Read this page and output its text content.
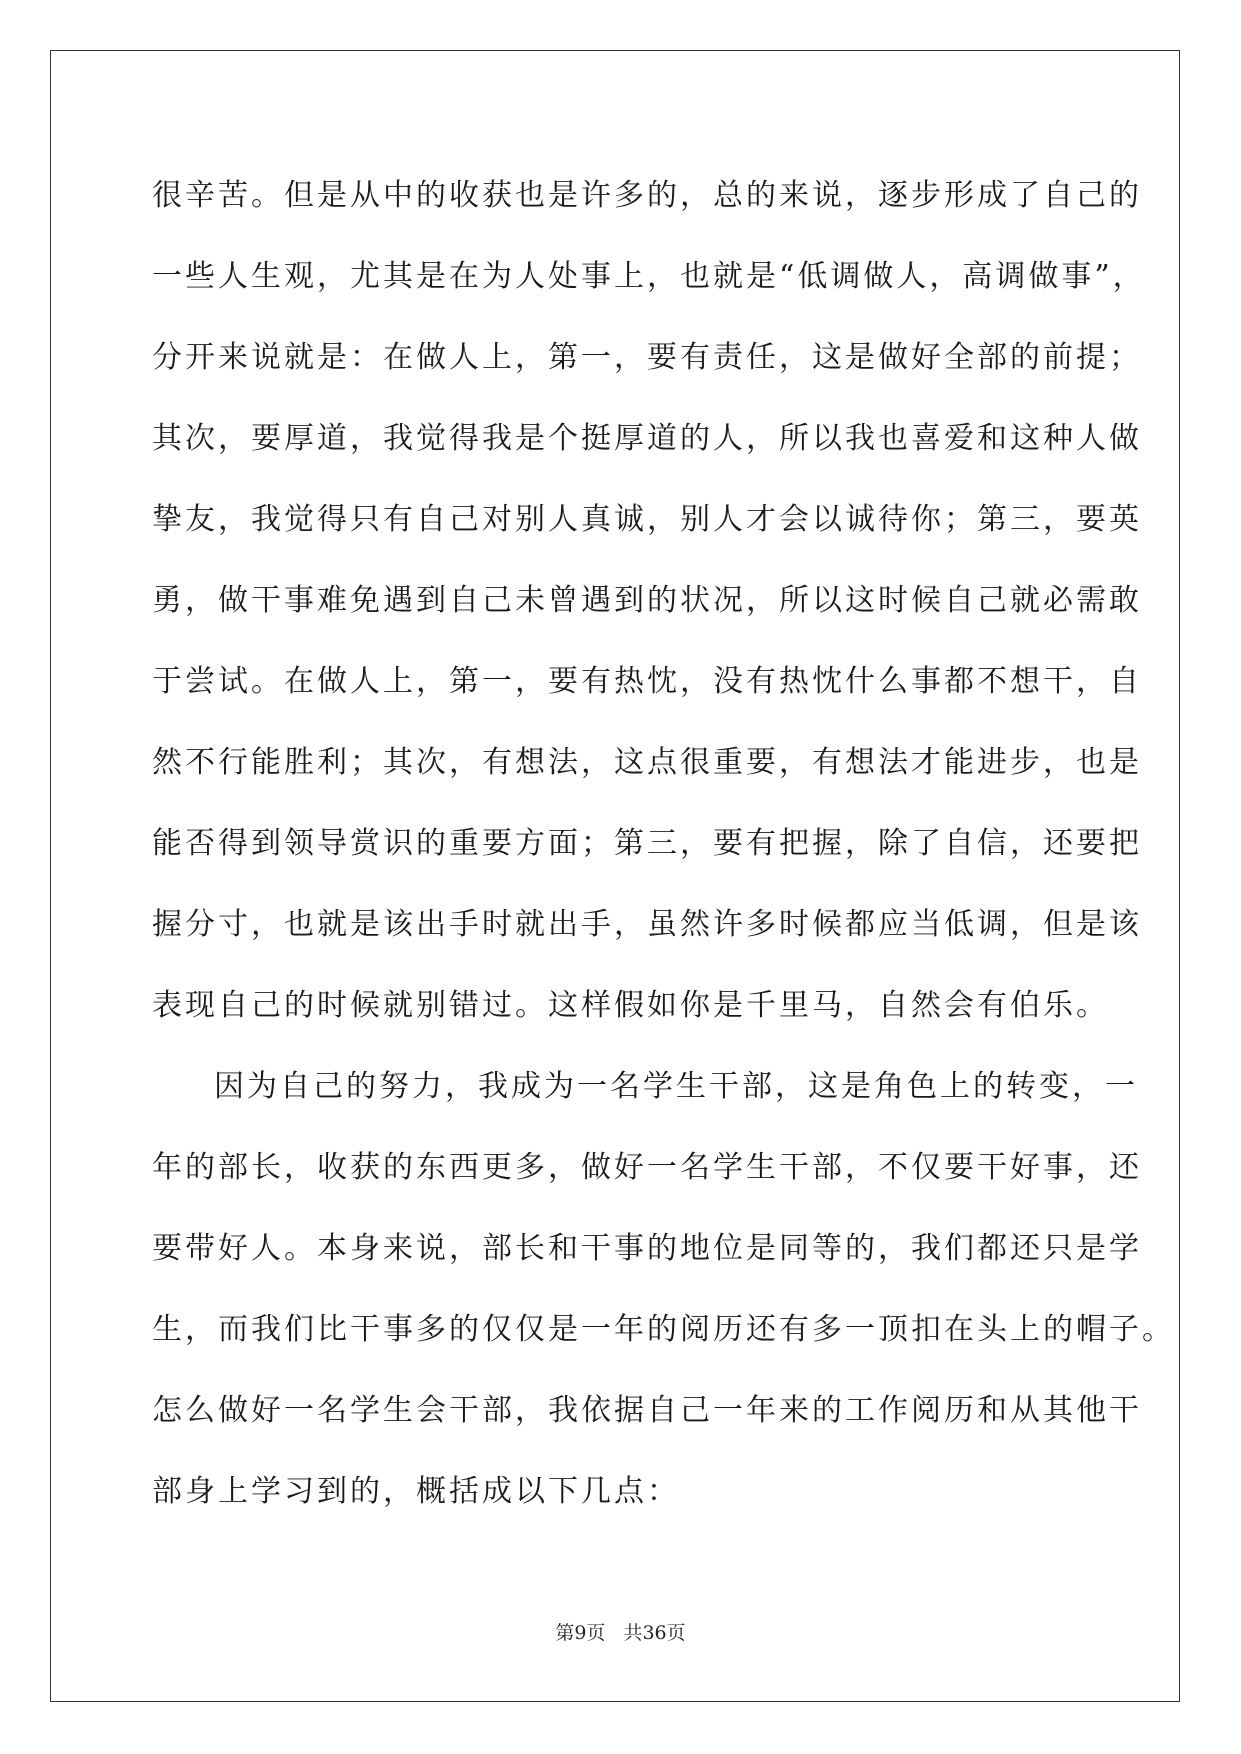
很辛苦。但是从中的收获也是许多的，总的来说，逐步形成了自己的
一些人生观，尤其是在为人处事上，也就是“低调做人，高调做事”，
分开来说就是：在做人上，第一，要有责任，这是做好全部的前提；
其次，要厚道，我觉得我是个挺厚道的人，所以我也喜爱和这种人做
挚友，我觉得只有自己对别人真诚，别人才会以诚待你；第三，要英
勇，做干事难免遇到自己未曾遇到的状况，所以这时候自己就必需敢
于尝试。在做人上，第一，要有热忱，没有热忱什么事都不想干，自
然不行能胜利；其次，有想法，这点很重要，有想法才能进步，也是
能否得到领导赏识的重要方面；第三，要有把握，除了自信，还要把
握分寸，也就是该出手时就出手，虽然许多时候都应当低调，但是该
表现自己的时候就别错过。这样假如你是千里马，自然会有伯乐。
因为自己的努力，我成为一名学生干部，这是角色上的转变，一
年的部长，收获的东西更多，做好一名学生干部，不仅要干好事，还
要带好人。本身来说，部长和干事的地位是同等的，我们都还只是学
生，而我们比干事多的仅仅是一年的阅历还有多一顶扣在头上的帽子。
怎么做好一名学生会干部，我依据自己一年来的工作阅历和从其他干
部身上学习到的，概括成以下几点：
第9页 共36页
